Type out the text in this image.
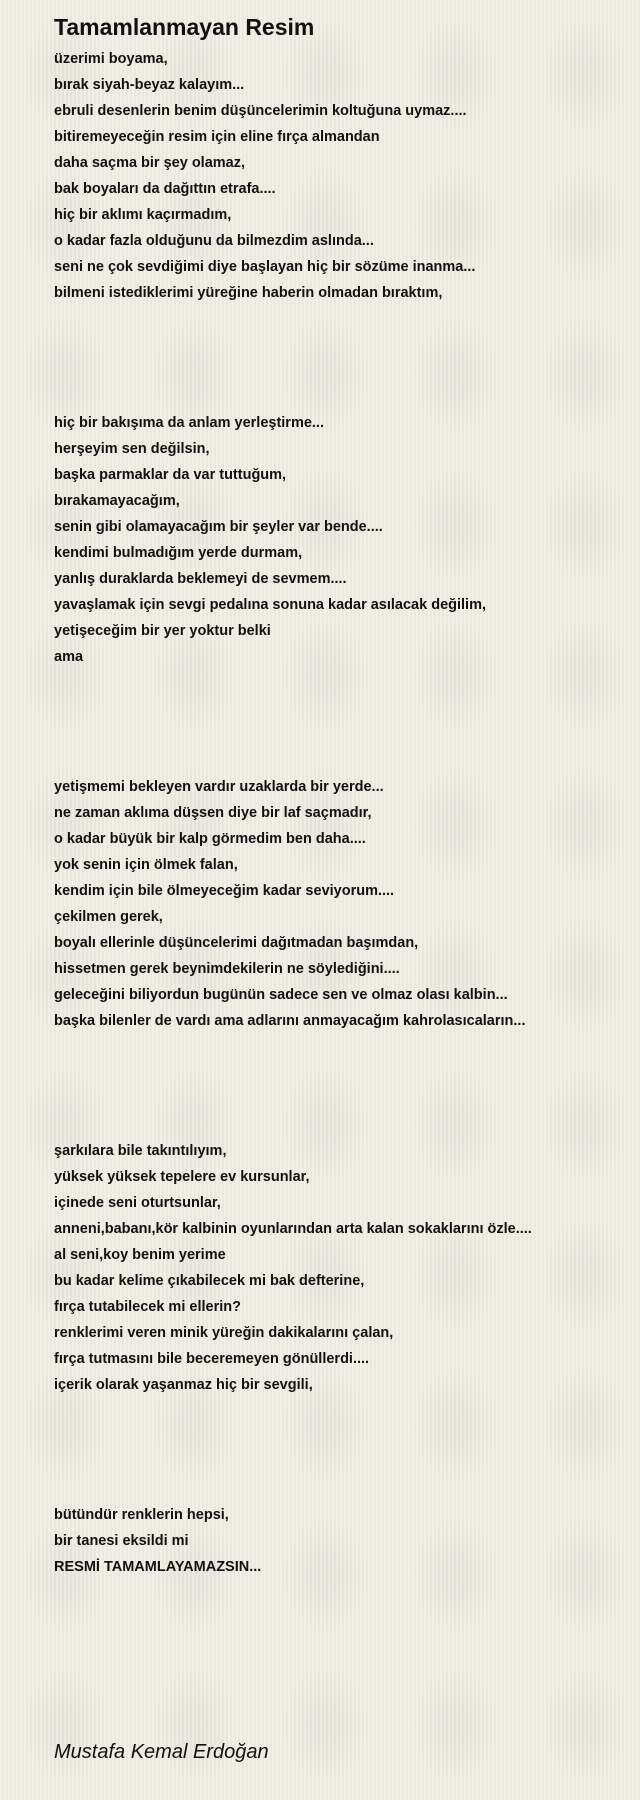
Tamamlanmayan Resim
üzerimi boyama,
bırak siyah-beyaz kalayım...
ebruli desenlerin benim düşüncelerimin koltuğuna uymaz....
bitiremeyeceğin resim için eline fırça almandan
daha saçma bir şey olamaz,
bak boyaları da dağıttın etrafa....
hiç bir aklımı kaçırmadım,
o kadar fazla olduğunu da bilmezdim aslında...
seni ne çok sevdiğimi diye başlayan hiç bir sözüme inanma...
bilmeni istediklerimi yüreğine haberin olmadan bıraktım,
hiç bir bakışıma da anlam yerleştirme...
herşeyim sen değilsin,
başka parmaklar da var tuttuğum,
bırakamayacağım,
senin gibi olamayacağım bir şeyler var bende....
kendimi bulmadığım yerde durmam,
yanlış duraklarda beklemeyi de sevmem....
yavaşlamak için sevgi pedalına sonuna kadar asılacak değilim,
yetişeceğim bir yer yoktur belki
ama
yetişmemi bekleyen vardır uzaklarda bir yerde...
ne zaman aklıma düşsen diye bir laf saçmadır,
o kadar büyük bir kalp görmedim ben daha....
yok senin için ölmek falan,
kendim için bile ölmeyeceğim kadar seviyorum....
çekilmen gerek,
boyalı ellerinle düşüncelerimi dağıtmadan başımdan,
hissetmen gerek beynimdekilerin ne söylediğini....
geleceğini biliyordun bugünün sadece sen ve olmaz olası kalbin...
başka bilenler de vardı ama adlarını anmayacağım kahrolasıcaların...
şarkılara bile takıntılıyım,
yüksek yüksek tepelere ev kursunlar,
içinede seni oturtsunlar,
anneni,babanı,kör kalbinin oyunlarından arta kalan sokaklarını özle....
al seni,koy benim yerime
bu kadar kelime çıkabilecek mi bak defterine,
fırça tutabilecek mi ellerin?
renklerimi veren minik yüreğin dakikalarını çalan,
fırça tutmasını bile beceremeyen gönüllerdi....
içerik olarak yaşanmaz hiç bir sevgili,
bütündür renklerin hepsi,
bir tanesi eksildi mi
RESMİ TAMAMLAYAMAZSIN...
Mustafa Kemal Erdoğan
